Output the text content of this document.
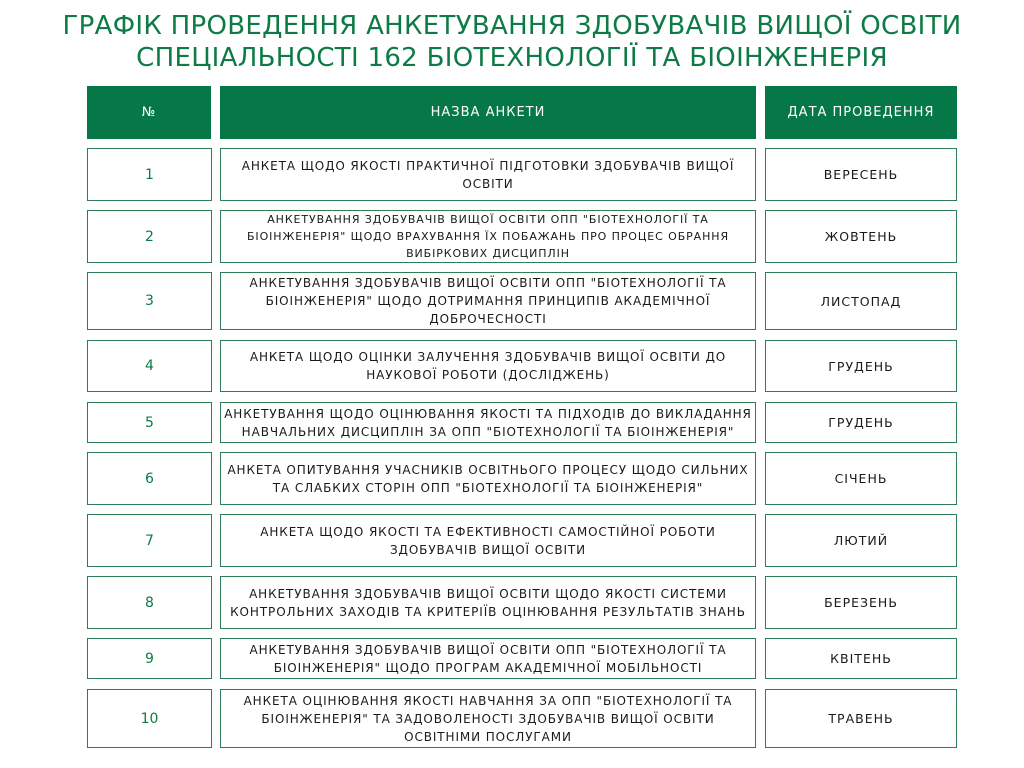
ГРАФІК ПРОВЕДЕННЯ АНКЕТУВАННЯ ЗДОБУВАЧІВ ВИЩОЇ ОСВІТИ
СПЕЦІАЛЬНОСТІ 162 БІОТЕХНОЛОГІЇ ТА БІОІНЖЕНЕРІЯ
№	НАЗВА АНКЕТИ	ДАТА ПРОВЕДЕННЯ
1
АНКЕТА ЩОДО ЯКОСТІ ПРАКТИЧНОЇ ПІДГОТОВКИ ЗДОБУВАЧІВ ВИЩОЇ ОСВІТИ
ВЕРЕСЕНЬ
2
АНКЕТУВАННЯ ЗДОБУВАЧІВ ВИЩОЇ ОСВІТИ ОПП "БІОТЕХНОЛОГІЇ ТА БІОІНЖЕНЕРІЯ" ЩОДО ВРАХУВАННЯ ЇХ ПОБАЖАНЬ ПРО ПРОЦЕС ОБРАННЯ ВИБІРКОВИХ ДИСЦИПЛІН
ЖОВТЕНЬ
3
АНКЕТУВАННЯ ЗДОБУВАЧІВ ВИЩОЇ ОСВІТИ ОПП "БІОТЕХНОЛОГІЇ ТА БІОІНЖЕНЕРІЯ" ЩОДО ДОТРИМАННЯ ПРИНЦИПІВ АКАДЕМІЧНОЇ ДОБРОЧЕСНОСТІ
ЛИСТОПАД
4
АНКЕТА ЩОДО ОЦІНКИ ЗАЛУЧЕННЯ ЗДОБУВАЧІВ ВИЩОЇ ОСВІТИ ДО НАУКОВОЇ РОБОТИ (ДОСЛІДЖЕНЬ)
ГРУДЕНЬ
5
АНКЕТУВАННЯ ЩОДО ОЦІНЮВАННЯ ЯКОСТІ ТА ПІДХОДІВ ДО ВИКЛАДАННЯ НАВЧАЛЬНИХ ДИСЦИПЛІН ЗА ОПП "БІОТЕХНОЛОГІЇ ТА БІОІНЖЕНЕРІЯ"
ГРУДЕНЬ
6
АНКЕТА ОПИТУВАННЯ УЧАСНИКІВ ОСВІТНЬОГО ПРОЦЕСУ ЩОДО СИЛЬНИХ ТА СЛАБКИХ СТОРІН ОПП "БІОТЕХНОЛОГІЇ ТА БІОІНЖЕНЕРІЯ"
СІЧЕНЬ
7
АНКЕТА ЩОДО ЯКОСТІ ТА ЕФЕКТИВНОСТІ САМОСТІЙНОЇ РОБОТИ ЗДОБУВАЧІВ ВИЩОЇ ОСВІТИ
ЛЮТИЙ
8
АНКЕТУВАННЯ ЗДОБУВАЧІВ ВИЩОЇ ОСВІТИ ЩОДО ЯКОСТІ СИСТЕМИ КОНТРОЛЬНИХ ЗАХОДІВ ТА КРИТЕРІЇВ ОЦІНЮВАННЯ РЕЗУЛЬТАТІВ ЗНАНЬ
БЕРЕЗЕНЬ
9
АНКЕТУВАННЯ ЗДОБУВАЧІВ ВИЩОЇ ОСВІТИ ОПП "БІОТЕХНОЛОГІЇ ТА БІОІНЖЕНЕРІЯ" ЩОДО ПРОГРАМ АКАДЕМІЧНОЇ МОБІЛЬНОСТІ
КВІТЕНЬ
10
АНКЕТА ОЦІНЮВАННЯ ЯКОСТІ НАВЧАННЯ ЗА ОПП "БІОТЕХНОЛОГІЇ ТА БІОІНЖЕНЕРІЯ" ТА ЗАДОВОЛЕНОСТІ ЗДОБУВАЧІВ ВИЩОЇ ОСВІТИ ОСВІТНІМИ ПОСЛУГАМИ
ТРАВЕНЬ
